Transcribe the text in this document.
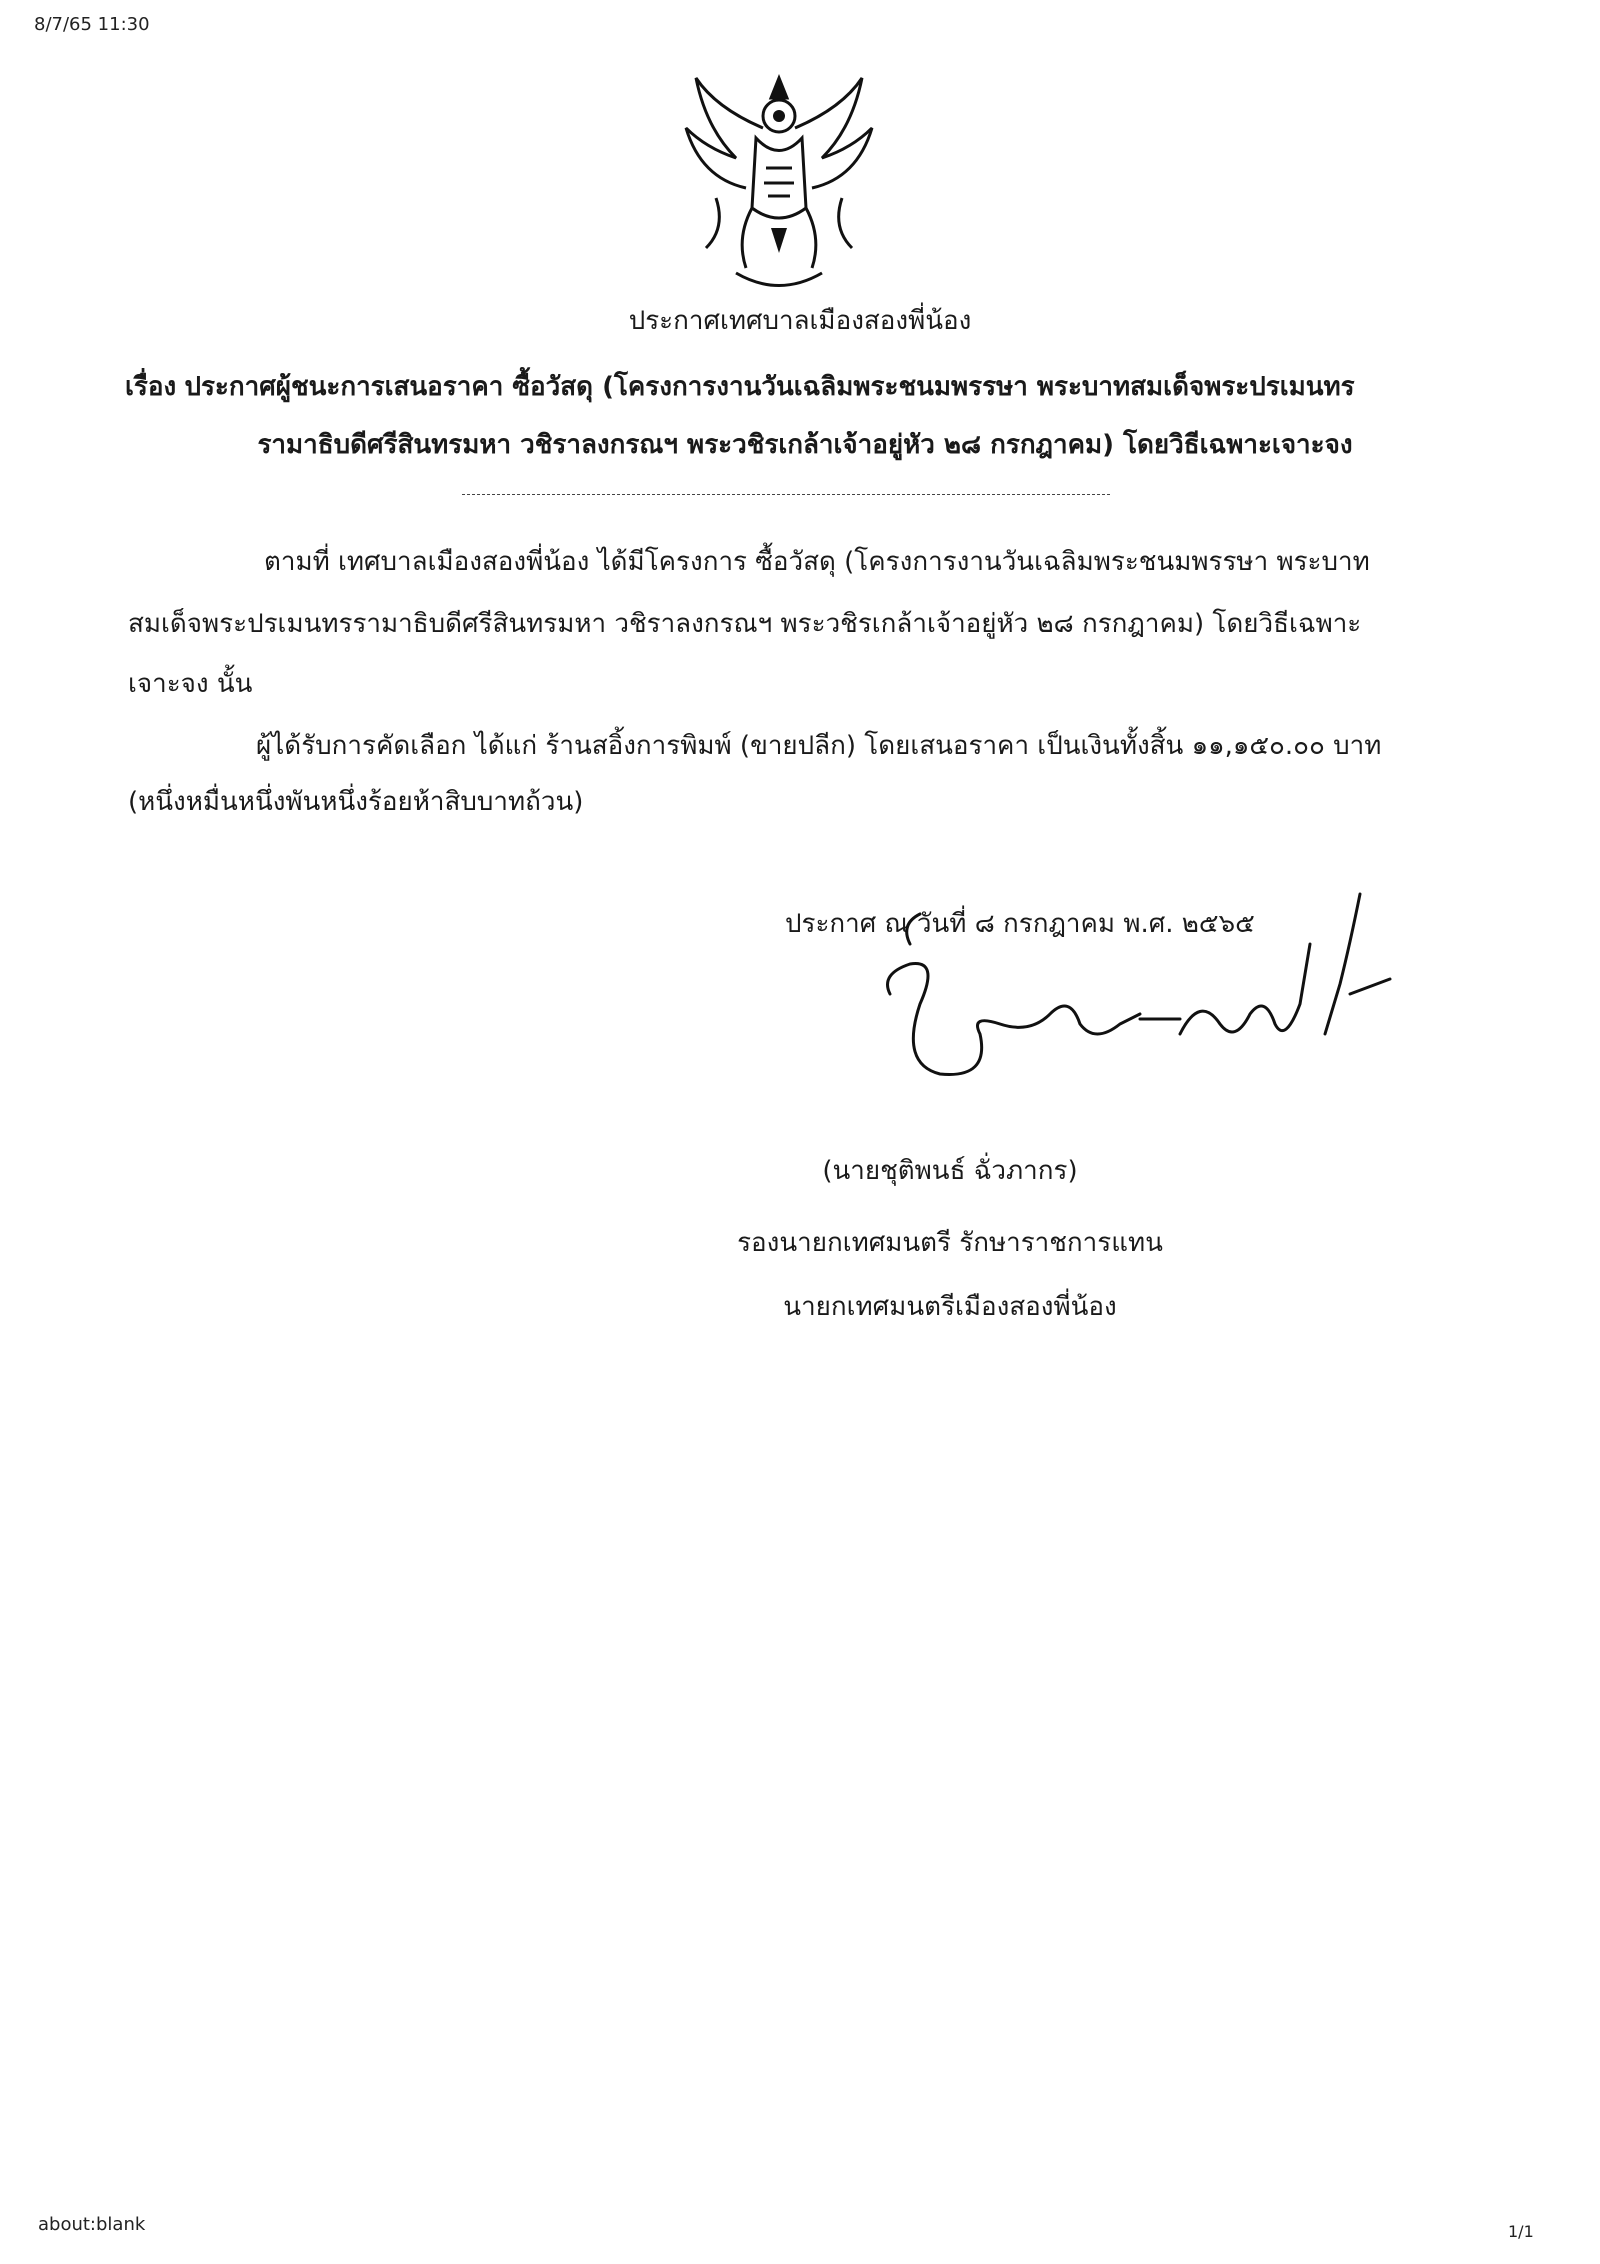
8/7/65 11:30
ประกาศเทศบาลเมืองสองพี่น้อง
เรื่อง ประกาศผู้ชนะการเสนอราคา ซื้อวัสดุ (โครงการงานวันเฉลิมพระชนมพรรษา พระบาทสมเด็จพระปรเมนทร
รามาธิบดีศรีสินทรมหา วชิราลงกรณฯ พระวชิรเกล้าเจ้าอยู่หัว ๒๘ กรกฎาคม) โดยวิธีเฉพาะเจาะจง
ตามที่ เทศบาลเมืองสองพี่น้อง ได้มีโครงการ ซื้อวัสดุ (โครงการงานวันเฉลิมพระชนมพรรษา พระบาท
สมเด็จพระปรเมนทรรามาธิบดีศรีสินทรมหา วชิราลงกรณฯ พระวชิรเกล้าเจ้าอยู่หัว ๒๘ กรกฎาคม) โดยวิธีเฉพาะ
เจาะจง นั้น
ผู้ได้รับการคัดเลือก ได้แก่ ร้านสอิ้งการพิมพ์ (ขายปลีก) โดยเสนอราคา เป็นเงินทั้งสิ้น ๑๑,๑๕๐.๐๐ บาท
(หนึ่งหมื่นหนึ่งพันหนึ่งร้อยห้าสิบบาทถ้วน)
ประกาศ ณ วันที่ ๘ กรกฎาคม พ.ศ. ๒๕๖๕
(นายชุติพนธ์ ฉั่วภากร)
รองนายกเทศมนตรี รักษาราชการแทน
นายกเทศมนตรีเมืองสองพี่น้อง
about:blank	1/1
